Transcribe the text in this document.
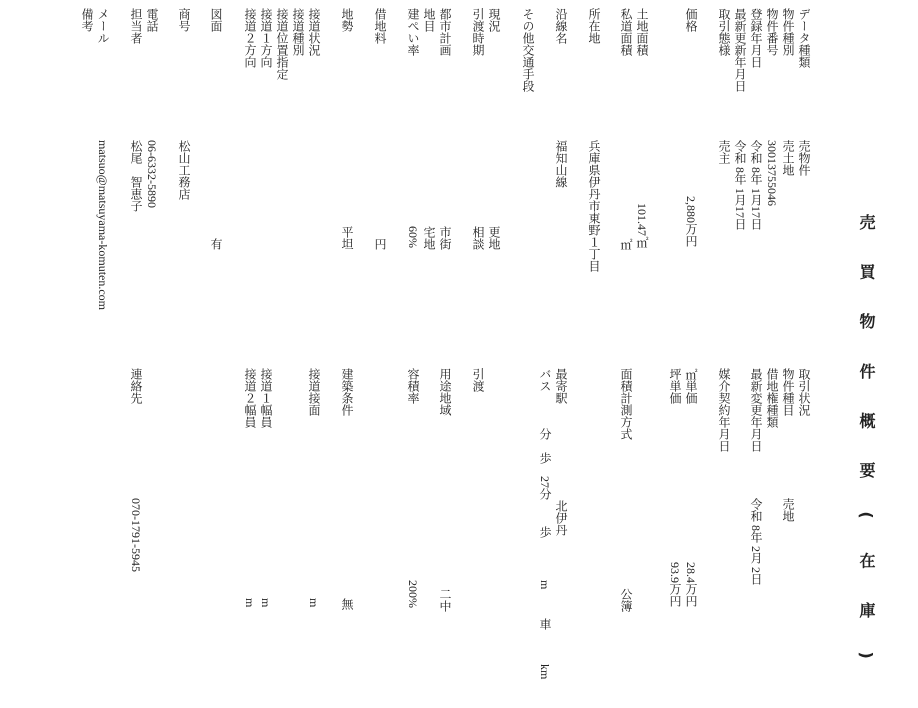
売 買 物 件 概 要 ( 在 庫 )
データ種類
物件種別
物件番号
登録年月日
最新更新年月日
取引態様
価格
土地面積
私道面積
所在地
沿線名
その他交通手段
現況
引渡時期
都市計画
地目
建ぺい率
借地料
地勢
接道状況
接道種別
接道位置指定
接道１方向
接道２方向
図面
商号
電話
担当者
メール
備考
売物件
売土地
30013755046
令和 8年 1月17日
令和 8年 1月17日
売主
2,880万円
101.47㎡
㎡
兵庫県伊丹市東野１丁目
福知山線
更地
相談
市街
宅地
60%
円
平坦
有
松山工務店
06-6332-5890
松尾　智恵子
matsuo@matsuyama-komuten.com
取引状況
物件種目
借地権種類
最新変更年月日
媒介契約年月日
㎡単価
坪単価
面積計測方式
最寄駅
バス　　　分
歩
引渡
用途地域
容積率
建築条件
接道接面
接道１幅員
接道２幅員
連絡先
売地
令和 8年 2月 2日
28.4万円
93.9万円
公簿
北伊丹
27分
歩
m
車
km
二中
200%
無
m
m
m
070-1791-5945
